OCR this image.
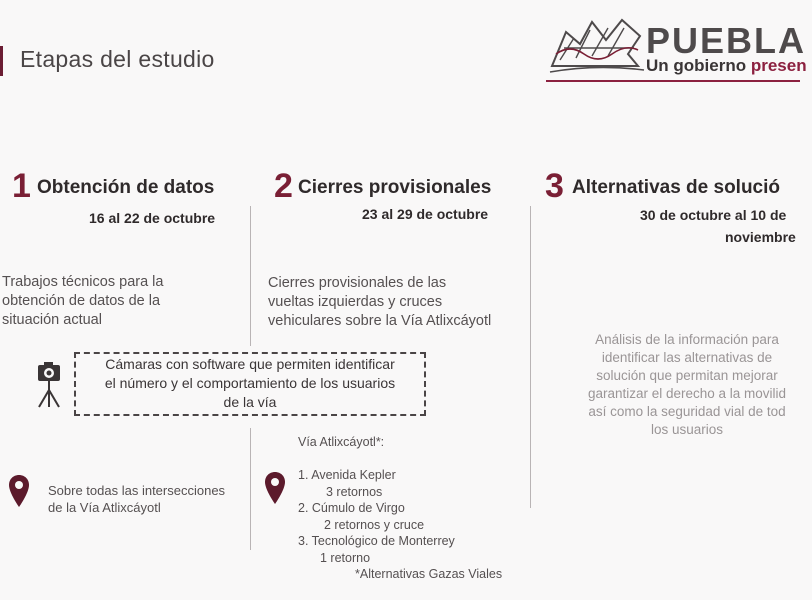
Etapas del estudio	PUEBLA
Un gobierno presen
1 Obtención de datos
16 al 22 de octubre
Trabajos técnicos para la
obtención de datos de la
situación actual
2 Cierres provisionales
23 al 29 de octubre
Cierres provisionales de las
vueltas izquierdas y cruces
vehiculares sobre la Vía Atlixcáyotl
3 Alternativas de solució
30 de octubre al 10 de
noviembre
Análisis de la información para
identificar las alternativas de
solución que permitan mejorar
garantizar el derecho a la movilid
así como la seguridad vial de tod
los usuarios
Cámaras con software que permiten identificar
el número y el comportamiento de los usuarios
de la vía
Sobre todas las intersecciones
de la Vía Atlixcáyotl
Vía Atlixcáyotl*:
1. Avenida Kepler
3 retornos
2. Cúmulo de Virgo
2 retornos y cruce
3. Tecnológico de Monterrey
1 retorno
*Alternativas Gazas Viales
